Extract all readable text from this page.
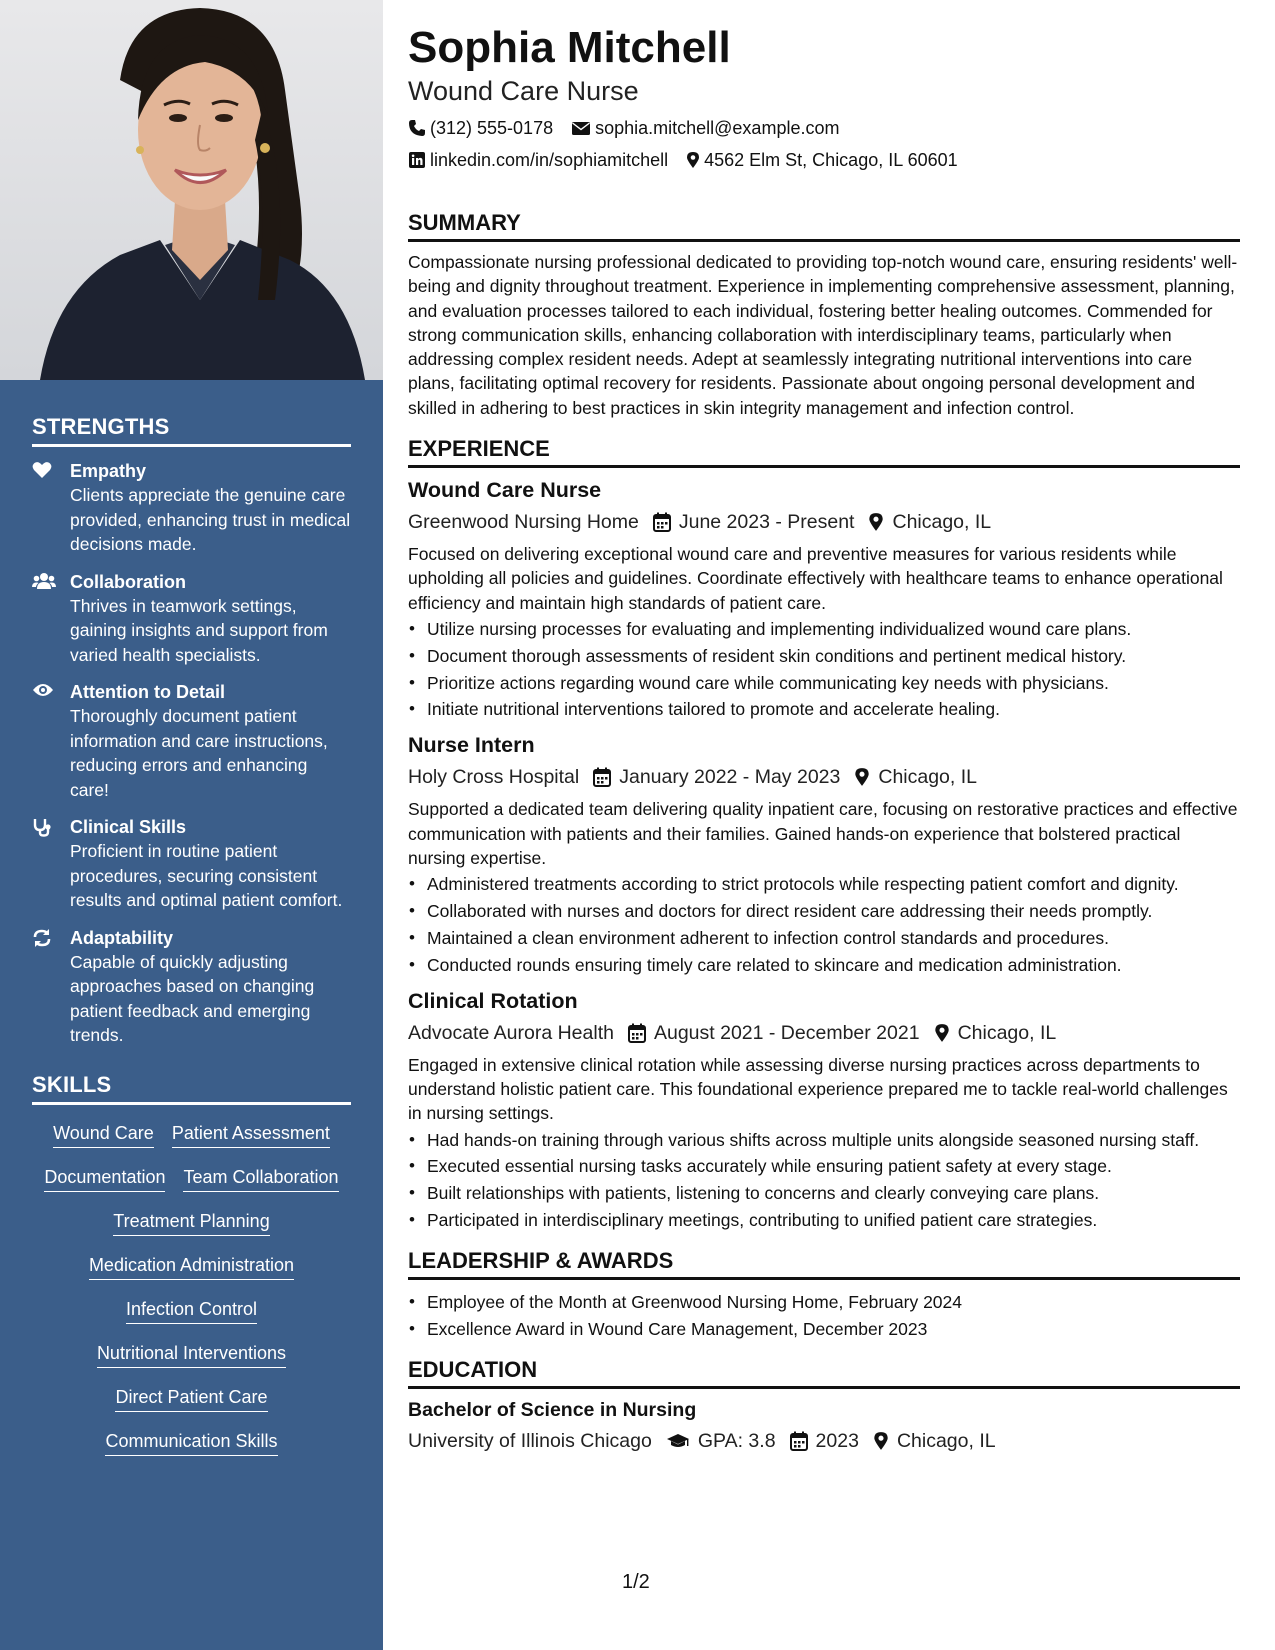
STRENGTHS
Empathy
Clients appreciate the genuine care provided, enhancing trust in medical decisions made.
Collaboration
Thrives in teamwork settings, gaining insights and support from varied health specialists.
Attention to Detail
Thoroughly document patient information and care instructions, reducing errors and enhancing care!
Clinical Skills
Proficient in routine patient procedures, securing consistent results and optimal patient comfort.
Adaptability
Capable of quickly adjusting approaches based on changing patient feedback and emerging trends.
SKILLS
Wound Care Patient Assessment
Documentation Team Collaboration
Treatment Planning
Medication Administration
Infection Control
Nutritional Interventions
Direct Patient Care
Communication Skills
Sophia Mitchell
Wound Care Nurse
(312) 555-0178 sophia.mitchell@example.com
linkedin.com/in/sophiamitchell 4562 Elm St, Chicago, IL 60601
SUMMARY
Compassionate nursing professional dedicated to providing top-notch wound care, ensuring residents' well-being and dignity throughout treatment. Experience in implementing comprehensive assessment, planning, and evaluation processes tailored to each individual, fostering better healing outcomes. Commended for strong communication skills, enhancing collaboration with interdisciplinary teams, particularly when addressing complex resident needs. Adept at seamlessly integrating nutritional interventions into care plans, facilitating optimal recovery for residents. Passionate about ongoing personal development and skilled in adhering to best practices in skin integrity management and infection control.
EXPERIENCE
Wound Care Nurse
Greenwood Nursing Home June 2023 - Present Chicago, IL
Focused on delivering exceptional wound care and preventive measures for various residents while upholding all policies and guidelines. Coordinate effectively with healthcare teams to enhance operational efficiency and maintain high standards of patient care.
• Utilize nursing processes for evaluating and implementing individualized wound care plans.
• Document thorough assessments of resident skin conditions and pertinent medical history.
• Prioritize actions regarding wound care while communicating key needs with physicians.
• Initiate nutritional interventions tailored to promote and accelerate healing.
Nurse Intern
Holy Cross Hospital January 2022 - May 2023 Chicago, IL
Supported a dedicated team delivering quality inpatient care, focusing on restorative practices and effective communication with patients and their families. Gained hands-on experience that bolstered practical nursing expertise.
• Administered treatments according to strict protocols while respecting patient comfort and dignity.
• Collaborated with nurses and doctors for direct resident care addressing their needs promptly.
• Maintained a clean environment adherent to infection control standards and procedures.
• Conducted rounds ensuring timely care related to skincare and medication administration.
Clinical Rotation
Advocate Aurora Health August 2021 - December 2021 Chicago, IL
Engaged in extensive clinical rotation while assessing diverse nursing practices across departments to understand holistic patient care. This foundational experience prepared me to tackle real-world challenges in nursing settings.
• Had hands-on training through various shifts across multiple units alongside seasoned nursing staff.
• Executed essential nursing tasks accurately while ensuring patient safety at every stage.
• Built relationships with patients, listening to concerns and clearly conveying care plans.
• Participated in interdisciplinary meetings, contributing to unified patient care strategies.
LEADERSHIP & AWARDS
• Employee of the Month at Greenwood Nursing Home, February 2024
• Excellence Award in Wound Care Management, December 2023
EDUCATION
Bachelor of Science in Nursing
University of Illinois Chicago GPA: 3.8 2023 Chicago, IL
1/2
